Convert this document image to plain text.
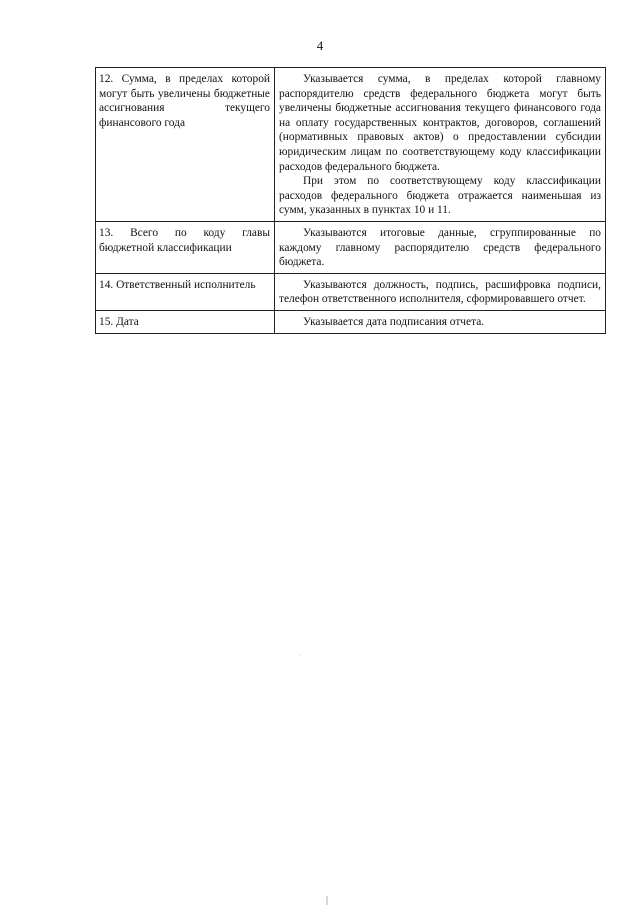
4
12. Сумма, в пределах которой могут быть увеличены бюджетные ассигнования текущего финансового года	Указывается сумма, в пределах которой главному распорядителю средств федерального бюджета могут быть увеличены бюджетные ассигнования текущего финансового года на оплату государственных контрактов, договоров, соглашений (нормативных правовых актов) о предоставлении субсидии юридическим лицам по соответствующему коду классификации расходов федерального бюджета.

При этом по соответствующему коду классификации расходов федерального бюджета отражается наименьшая из сумм, указанных в пунктах 10 и 11.

13. Всего по коду главы бюджетной классификации	Указываются итоговые данные, сгруппированные по каждому главному распорядителю средств федерального бюджета.

14. Ответственный исполнитель	Указываются должность, подпись, расшифровка подписи, телефон ответственного исполнителя, сформировавшего отчет.

15. Дата	Указывается дата подписания отчета.
